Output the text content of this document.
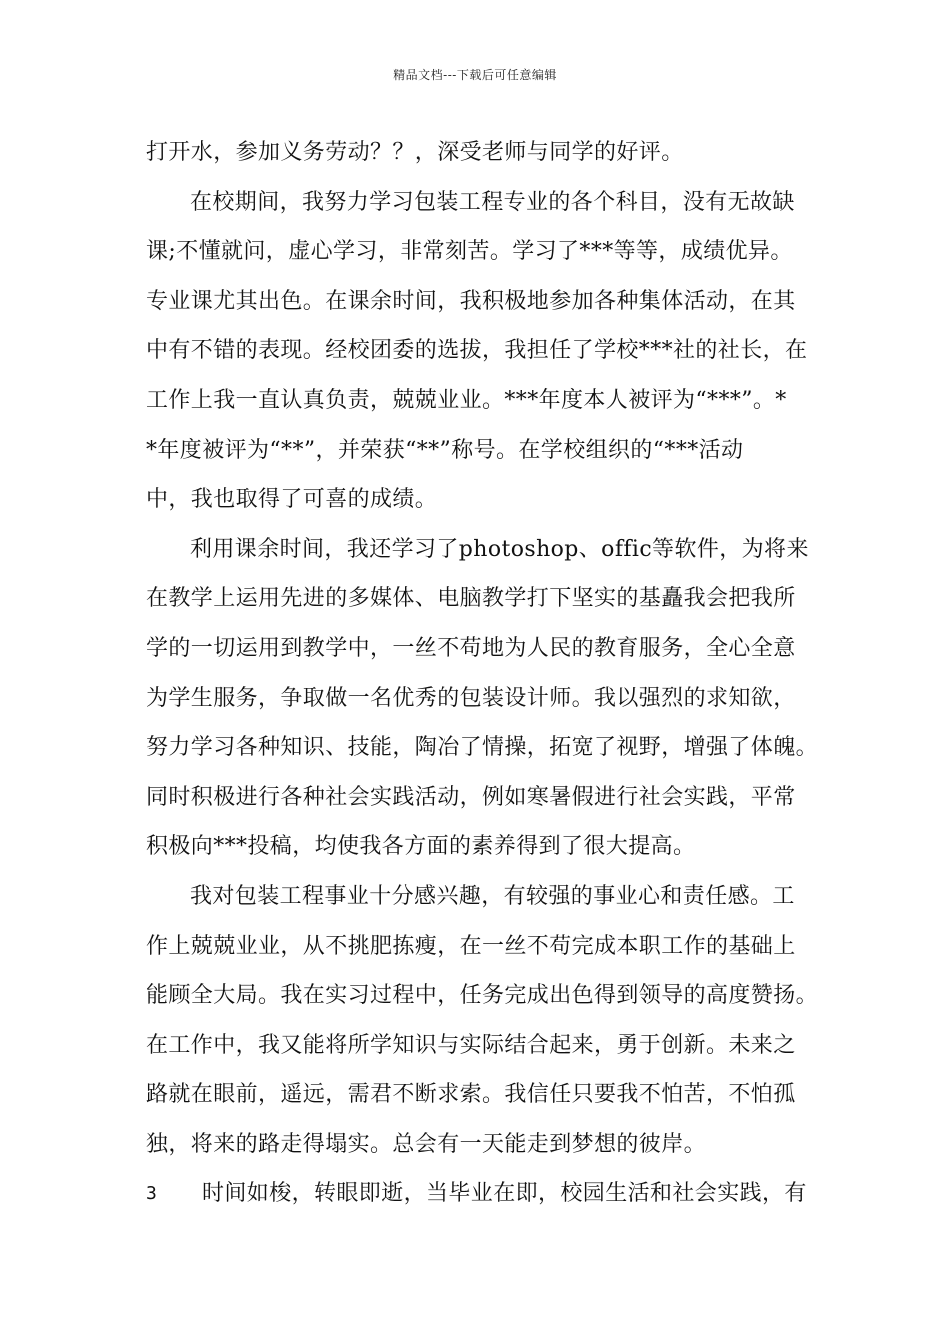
精品文档---下载后可任意编辑
打开水，参加义务劳动？？，深受老师与同学的好评。
在校期间，我努力学习包装工程专业的各个科目，没有无故缺
课;不懂就问，虚心学习，非常刻苦。学习了***等等，成绩优异。
专业课尤其出色。在课余时间，我积极地参加各种集体活动，在其
中有不错的表现。经校团委的选拔，我担任了学校***社的社长，在
工作上我一直认真负责，兢兢业业。***年度本人被评为“***”。*
*年度被评为“**”，并荣获“**”称号。在学校组织的“***活动
中，我也取得了可喜的成绩。
利用课余时间，我还学习了photoshop、offic等软件，为将来
在教学上运用先进的多媒体、电脑教学打下坚实的基矗我会把我所
学的一切运用到教学中，一丝不苟地为人民的教育服务，全心全意
为学生服务，争取做一名优秀的包装设计师。我以强烈的求知欲，
努力学习各种知识、技能，陶冶了情操，拓宽了视野，增强了体魄。
同时积极进行各种社会实践活动，例如寒暑假进行社会实践，平常
积极向***投稿，均使我各方面的素养得到了很大提高。
我对包装工程事业十分感兴趣，有较强的事业心和责任感。工
作上兢兢业业，从不挑肥拣瘦，在一丝不苟完成本职工作的基础上
能顾全大局。我在实习过程中，任务完成出色得到领导的高度赞扬。
在工作中，我又能将所学知识与实际结合起来，勇于创新。未来之
路就在眼前，遥远，需君不断求索。我信任只要我不怕苦，不怕孤
独，将来的路走得塌实。总会有一天能走到梦想的彼岸。
3	时间如梭，转眼即逝，当毕业在即，校园生活和社会实践，有
